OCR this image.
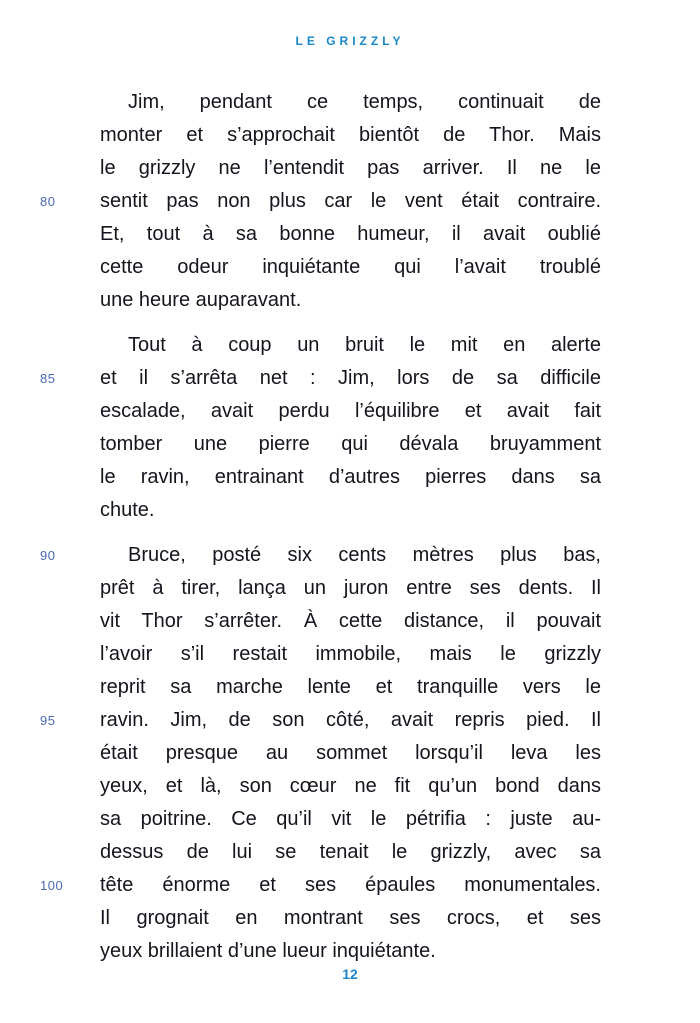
LE GRIZZLY
Jim, pendant ce temps, continuait de
monter et s’approchait bientôt de Thor. Mais
le grizzly ne l’entendit pas arriver. Il ne le
80	sentit pas non plus car le vent était contraire.
Et, tout à sa bonne humeur, il avait oublié
cette odeur inquiétante qui l’avait troublé
une heure auparavant.
Tout à coup un bruit le mit en alerte
85	et il s’arrêta net : Jim, lors de sa difficile
escalade, avait perdu l’équilibre et avait fait
tomber une pierre qui dévala bruyamment
le ravin, entrainant d’autres pierres dans sa
chute.
90	Bruce, posté six cents mètres plus bas,
prêt à tirer, lança un juron entre ses dents. Il
vit Thor s’arrêter. À cette distance, il pouvait
l’avoir s’il restait immobile, mais le grizzly
reprit sa marche lente et tranquille vers le
95	ravin. Jim, de son côté, avait repris pied. Il
était presque au sommet lorsqu’il leva les
yeux, et là, son cœur ne fit qu’un bond dans
sa poitrine. Ce qu’il vit le pétrifia : juste au-
dessus de lui se tenait le grizzly, avec sa
100	tête énorme et ses épaules monumentales.
Il grognait en montrant ses crocs, et ses
yeux brillaient d’une lueur inquiétante.
12
